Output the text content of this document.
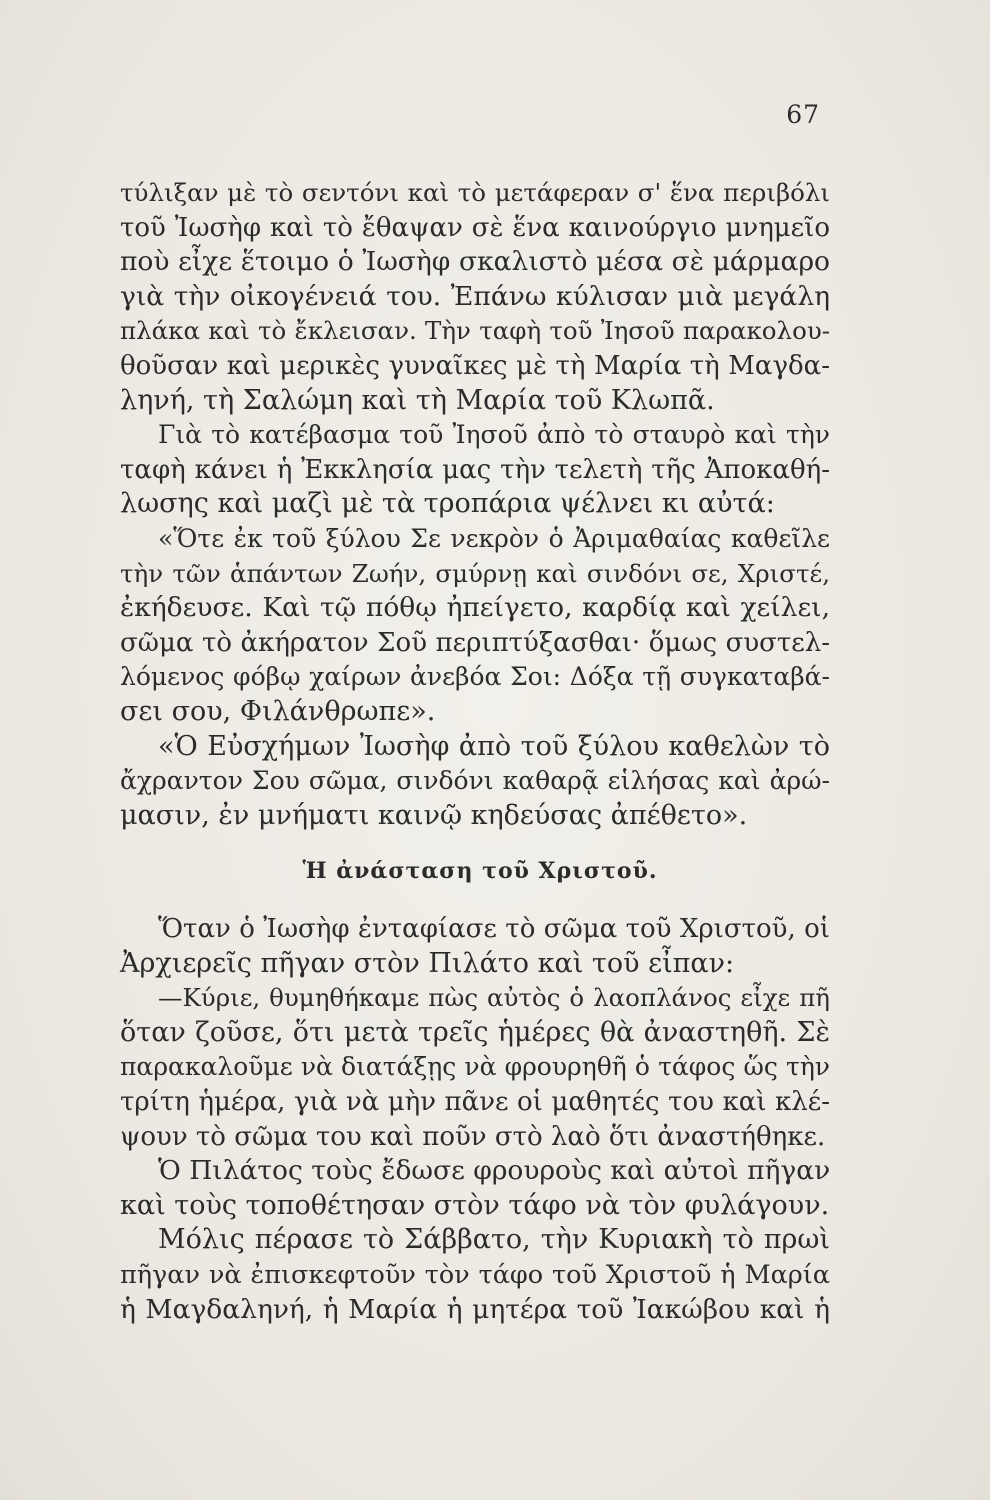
67
τύλιξαν μὲ τὸ σεντόνι καὶ τὸ μετάφεραν σ' ἕνα περιβόλι
τοῦ Ἰωσὴφ καὶ τὸ ἔθαψαν σὲ ἕνα καινούργιο μνημεῖο
ποὺ εἶχε ἕτοιμο ὁ Ἰωσὴφ σκαλιστὸ μέσα σὲ μάρμαρο
γιὰ τὴν οἰκογένειά του. Ἐπάνω κύλισαν μιὰ μεγάλη
πλάκα καὶ τὸ ἔκλεισαν. Τὴν ταφὴ τοῦ Ἰησοῦ παρακολου-
θοῦσαν καὶ μερικὲς γυναῖκες μὲ τὴ Μαρία τὴ Μαγδα-
ληνή, τὴ Σαλώμη καὶ τὴ Μαρία τοῦ Κλωπᾶ.
Γιὰ τὸ κατέβασμα τοῦ Ἰησοῦ ἀπὸ τὸ σταυρὸ καὶ τὴν
ταφὴ κάνει ἡ Ἐκκλησία μας τὴν τελετὴ τῆς Ἀποκαθή-
λωσης καὶ μαζὶ μὲ τὰ τροπάρια ψέλνει κι αὐτά:
«Ὅτε ἐκ τοῦ ξύλου Σε νεκρὸν ὁ Ἀριμαθαίας καθεῖλε
τὴν τῶν ἁπάντων Ζωήν, σμύρνῃ καὶ σινδόνι σε, Χριστέ,
ἐκήδευσε. Καὶ τῷ πόθῳ ἠπείγετο, καρδίᾳ καὶ χείλει,
σῶμα τὸ ἀκήρατον Σοῦ περιπτύξασθαι· ὅμως συστελ-
λόμενος φόβῳ χαίρων ἀνεβόα Σοι: Δόξα τῇ συγκαταβά-
σει σου, Φιλάνθρωπε».
«Ὁ Εὐσχήμων Ἰωσὴφ ἀπὸ τοῦ ξύλου καθελὼν τὸ
ἄχραντον Σου σῶμα, σινδόνι καθαρᾷ εἱλήσας καὶ ἀρώ-
μασιν, ἐν μνήματι καινῷ κηδεύσας ἀπέθετο».
Ἡ ἀνάσταση τοῦ Χριστοῦ.
Ὅταν ὁ Ἰωσὴφ ἐνταφίασε τὸ σῶμα τοῦ Χριστοῦ, οἱ
Ἀρχιερεῖς πῆγαν στὸν Πιλάτο καὶ τοῦ εἶπαν:
—Κύριε, θυμηθήκαμε πὼς αὐτὸς ὁ λαοπλάνος εἶχε πῆ
ὅταν ζοῦσε, ὅτι μετὰ τρεῖς ἡμέρες θὰ ἀναστηθῆ. Σὲ
παρακαλοῦμε νὰ διατάξῃς νὰ φρουρηθῆ ὁ τάφος ὥς τὴν
τρίτη ἡμέρα, γιὰ νὰ μὴν πᾶνε οἱ μαθητές του καὶ κλέ-
ψουν τὸ σῶμα του καὶ ποῦν στὸ λαὸ ὅτι ἀναστήθηκε.
Ὁ Πιλάτος τοὺς ἔδωσε φρουροὺς καὶ αὐτοὶ πῆγαν
καὶ τοὺς τοποθέτησαν στὸν τάφο νὰ τὸν φυλάγουν.
Μόλις πέρασε τὸ Σάββατο, τὴν Κυριακὴ τὸ πρωὶ
πῆγαν νὰ ἐπισκεφτοῦν τὸν τάφο τοῦ Χριστοῦ ἡ Μαρία
ἡ Μαγδαληνή, ἡ Μαρία ἡ μητέρα τοῦ Ἰακώβου καὶ ἡ
